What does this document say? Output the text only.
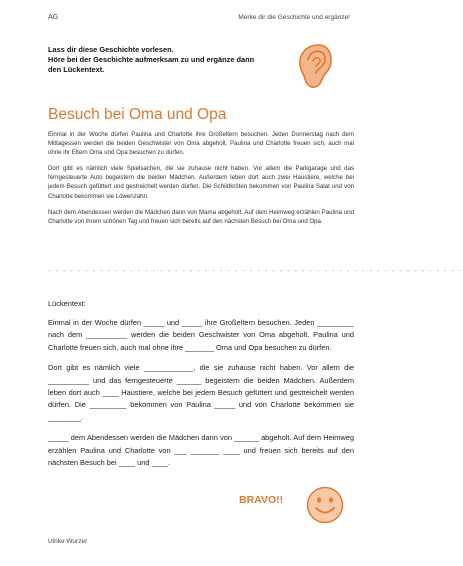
AG	Merke dir die Geschichte und ergänze!
Lass dir diese Geschichte vorlesen.
Höre bei der Geschichte aufmerksam zu und ergänze dann
den Lückentext.
Besuch bei Oma und Opa

Einmal in der Woche dürfen Paulina und Charlotte ihre Großeltern besuchen. Jeden Donnerstag nach dem Mittagessen werden die beiden Geschwister von Oma abgeholt. Paulina und Charlotte freuen sich, auch mal ohne ihr Eltern Oma und Opa besuchen zu dürfen.

Dort gibt es nämlich viele Spielsachen, die sie zuhause nicht haben. Vor allem die Parkgarage und das ferngesteuerte Auto begeistern die beiden Mädchen. Außerdem leben dort auch zwei Haustiere, welche bei jedem Besuch gefüttert und gestreichelt werden dürfen. Die Schildkröten bekommen von Paulina Salat und von Charlotte bekommen sie Löwenzahn.

Nach dem Abendessen werden die Mädchen dann von Mama abgeholt. Auf dem Heimweg erzählen Paulina und Charlotte von ihrem schönen Tag und freuen sich bereits auf den nächsten Besuch bei Oma und Opa.

- - - - - - - - - - - - - - - - - - - - - - - - - - - - - - - - - - - - - - - - - - - - - - - - - - - - - - - -
Lückentext:

Einmal in der Woche dürfen _____ und _____ ihre Großeltern besuchen. Jeden _________ nach dem __________ werden die beiden Geschwister von Oma abgeholt. Paulina und Charlotte freuen sich, auch mal ohne ihre _______ Oma und Opa besuchen zu dürfen.

Dort gibt es nämlich viele ____________, die sie zuhause nicht haben. Vor allem die __________ und das ferngesteuerte ______ begeistern die beiden Mädchen. Außerdem leben dort auch ____ Haustiere, welche bei jedem Besuch gefüttert und gestreichelt werden dürfen. Die _________ bekommen von Paulina _____ und von Charlotte bekommen sie ________.

_____ dem Abendessen werden die Mädchen dann von ______ abgeholt. Auf dem Heimweg erzählen Paulina und Charlotte von ___ _______ ____ und freuen sich bereits auf den nächsten Besuch bei ____ und ____.

BRAVO!!
Ulrike Wurzer
